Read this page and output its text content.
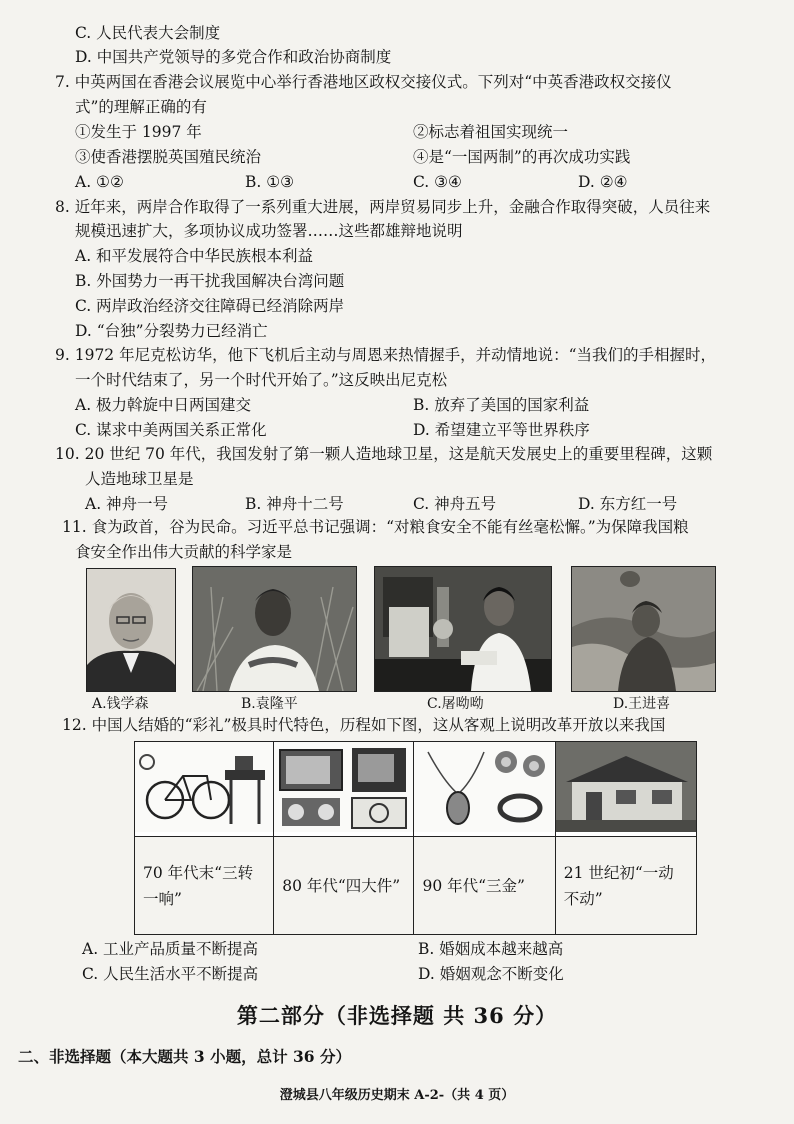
C. 人民代表大会制度
D. 中国共产党领导的多党合作和政治协商制度
7. 中英两国在香港会议展览中心举行香港地区政权交接仪式。下列对“中英香港政权交接仪
式”的理解正确的有
①发生于 1997 年	②标志着祖国实现统一
③使香港摆脱英国殖民统治	④是“一国两制”的再次成功实践
A. ①②	B. ①③	C. ③④	D. ②④
8. 近年来，两岸合作取得了一系列重大进展，两岸贸易同步上升，金融合作取得突破，人员往来
规模迅速扩大，多项协议成功签署……这些都雄辩地说明
A. 和平发展符合中华民族根本利益
B. 外国势力一再干扰我国解决台湾问题
C. 两岸政治经济交往障碍已经消除两岸
D. “台独”分裂势力已经消亡
9. 1972 年尼克松访华，他下飞机后主动与周恩来热情握手，并动情地说：“当我们的手相握时，
一个时代结束了，另一个时代开始了。”这反映出尼克松
A. 极力斡旋中日两国建交	B. 放弃了美国的国家利益
C. 谋求中美两国关系正常化	D. 希望建立平等世界秩序
10. 20 世纪 70 年代，我国发射了第一颗人造地球卫星，这是航天发展史上的重要里程碑，这颗
人造地球卫星是
A. 神舟一号	B. 神舟十二号	C. 神舟五号	D. 东方红一号
11. 食为政首，谷为民命。习近平总书记强调：“对粮食安全不能有丝毫松懈。”为保障我国粮
食安全作出伟大贡献的科学家是
A.钱学森	B.袁隆平	C.屠呦呦	D.王进喜
12. 中国人结婚的“彩礼”极具时代特色，历程如下图，这从客观上说明改革开放以来我国

70 年代末“三转一响”	80 年代“四大件”	90 年代“三金”	21 世纪初“一动不动”
A. 工业产品质量不断提高	B. 婚姻成本越来越高
C. 人民生活水平不断提高	D. 婚姻观念不断变化
第二部分（非选择题 共 36 分）
二、非选择题（本大题共 3 小题，总计 36 分）
澄城县八年级历史期末 A-2-（共 4 页）
